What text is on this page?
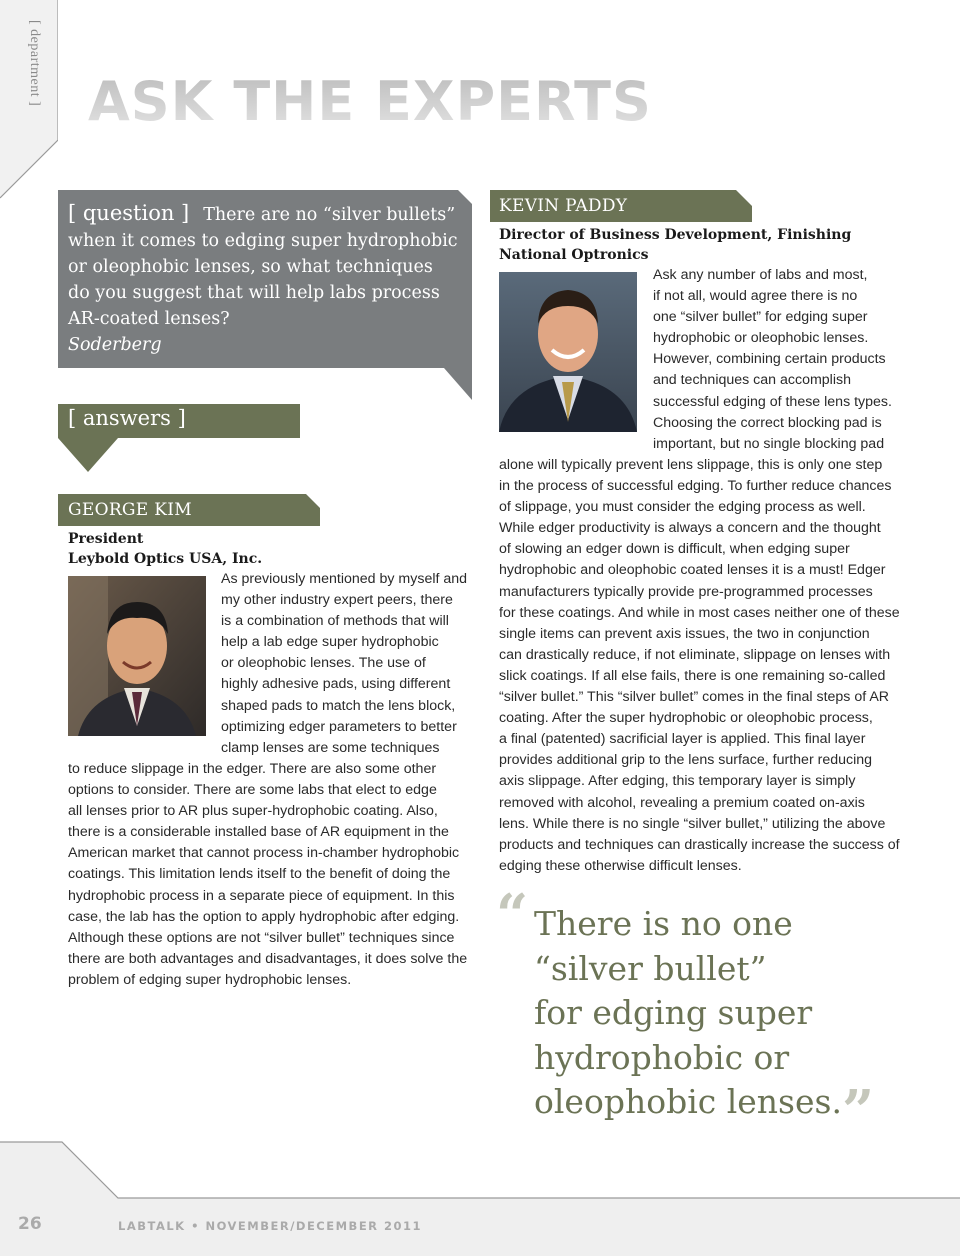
[ department ] ASK THE EXPERTS
[ question ] There are no “silver bullets” when it comes to edging super hydrophobic or oleophobic lenses, so what techniques do you suggest that will help labs process AR-coated lenses?
Soderberg
[ answers ]
GEORGE KIM
President
Leybold Optics USA, Inc.
As previously mentioned by myself and
my other industry expert peers, there
is a combination of methods that will
help a lab edge super hydrophobic
or oleophobic lenses. The use of
highly adhesive pads, using different
shaped pads to match the lens block,
optimizing edger parameters to better
clamp lenses are some techniques
to reduce slippage in the edger. There are also some other
options to consider. There are some labs that elect to edge
all lenses prior to AR plus super-hydrophobic coating. Also,
there is a considerable installed base of AR equipment in the
American market that cannot process in-chamber hydrophobic
coatings. This limitation lends itself to the benefit of doing the
hydrophobic process in a separate piece of equipment. In this
case, the lab has the option to apply hydrophobic after edging.
Although these options are not “silver bullet” techniques since
there are both advantages and disadvantages, it does solve the
problem of edging super hydrophobic lenses.
KEVIN PADDY
Director of Business Development, Finishing
National Optronics
Ask any number of labs and most,
if not all, would agree there is no
one “silver bullet” for edging super
hydrophobic or oleophobic lenses.
However, combining certain products
and techniques can accomplish
successful edging of these lens types.
Choosing the correct blocking pad is
important, but no single blocking pad
alone will typically prevent lens slippage, this is only one step
in the process of successful edging. To further reduce chances
of slippage, you must consider the edging process as well.
While edger productivity is always a concern and the thought
of slowing an edger down is difficult, when edging super
hydrophobic and oleophobic coated lenses it is a must! Edger
manufacturers typically provide pre-programmed processes
for these coatings. And while in most cases neither one of these
single items can prevent axis issues, the two in conjunction
can drastically reduce, if not eliminate, slippage on lenses with
slick coatings. If all else fails, there is one remaining so-called
“silver bullet.” This “silver bullet” comes in the final steps of AR
coating. After the super hydrophobic or oleophobic process,
a final (patented) sacrificial layer is applied. This final layer
provides additional grip to the lens surface, further reducing
axis slippage. After edging, this temporary layer is simply
removed with alcohol, revealing a premium coated on-axis
lens. While there is no single “silver bullet,” utilizing the above
products and techniques can drastically increase the success of
edging these otherwise difficult lenses.
“ There is no one
“silver bullet”
for edging super
hydrophobic or
oleophobic lenses. ”
26	LABTALK • NOVEMBER/DECEMBER 2011
